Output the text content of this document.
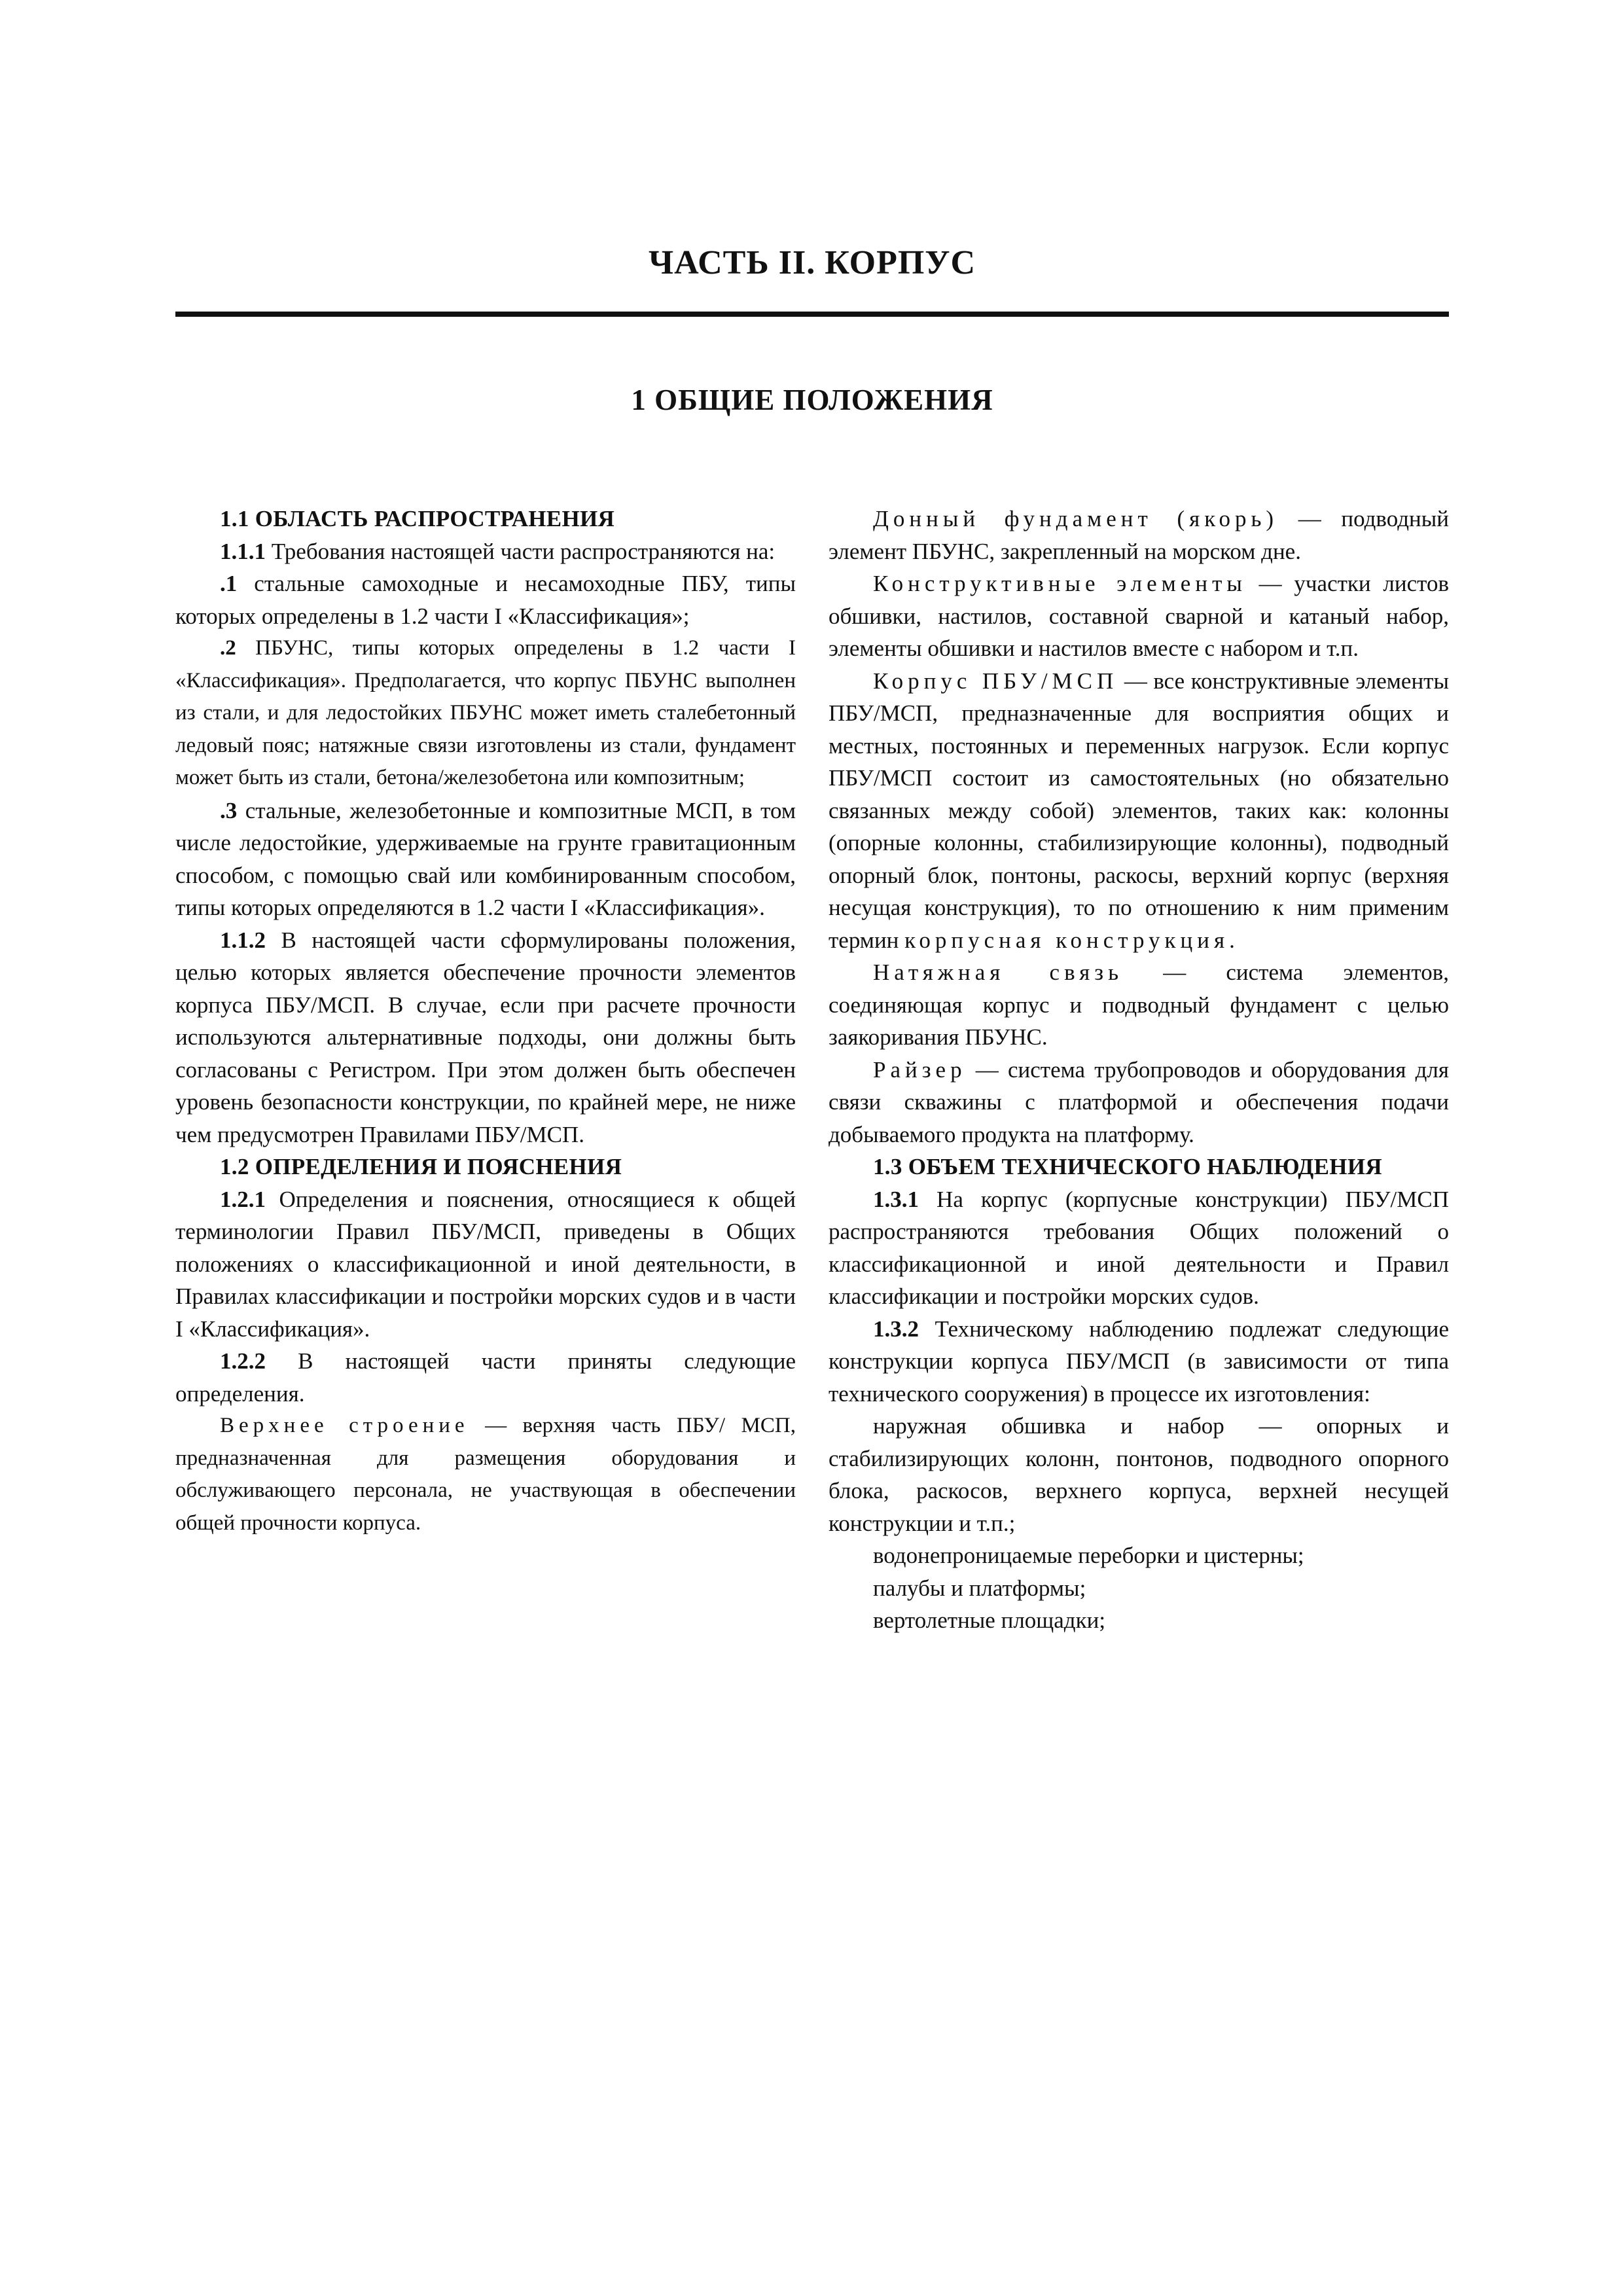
ЧАСТЬ II. КОРПУС
1 ОБЩИЕ ПОЛОЖЕНИЯ

1.1 ОБЛАСТЬ РАСПРОСТРАНЕНИЯ

1.1.1 Требования настоящей части распространяются на:

.1 стальные самоходные и несамоходные ПБУ, типы которых определены в 1.2 части I «Классификация»;

.2 ПБУНС, типы которых определены в 1.2 части I «Классификация». Предполагается, что корпус ПБУНС выполнен из стали, и для ледостойких ПБУНС может иметь сталебетонный ледовый пояс; натяжные связи изготовлены из стали, фундамент может быть из стали, бетона/железобетона или композитным;

.3 стальные, железобетонные и композитные МСП, в том числе ледостойкие, удерживаемые на грунте гравитационным способом, с помощью свай или комбинированным способом, типы которых определяются в 1.2 части I «Классификация».

1.1.2 В настоящей части сформулированы положения, целью которых является обеспечение прочности элементов корпуса ПБУ/МСП. В случае, если при расчете прочности используются альтернативные подходы, они должны быть согласованы с Регистром. При этом должен быть обеспечен уровень безопасности конструкции, по крайней мере, не ниже чем предусмотрен Правилами ПБУ/МСП.

1.2 ОПРЕДЕЛЕНИЯ И ПОЯСНЕНИЯ

1.2.1 Определения и пояснения, относящиеся к общей терминологии Правил ПБУ/МСП, приведены в Общих положениях о классификационной и иной деятельности, в Правилах классификации и постройки морских судов и в части I «Классификация».

1.2.2 В настоящей части приняты следующие определения.

Верхнее строение — верхняя часть ПБУ/ МСП, предназначенная для размещения оборудования и обслуживающего персонала, не участвующая в обеспечении общей прочности корпуса.

Донный фундамент (якорь) — подводный элемент ПБУНС, закрепленный на морском дне.

Конструктивные элементы — участки листов обшивки, настилов, составной сварной и катаный набор, элементы обшивки и настилов вместе с набором и т.п.

Корпус ПБУ/МСП — все конструктивные элементы ПБУ/МСП, предназначенные для восприятия общих и местных, постоянных и переменных нагрузок. Если корпус ПБУ/МСП состоит из самостоятельных (но обязательно связанных между собой) элементов, таких как: колонны (опорные колонны, стабилизирующие колонны), подводный опорный блок, понтоны, раскосы, верхний корпус (верхняя несущая конструкция), то по отношению к ним применим термин корпусная конструкция.

Натяжная связь — система элементов, соединяющая корпус и подводный фундамент с целью заякоривания ПБУНС.

Райзер — система трубопроводов и оборудования для связи скважины с платформой и обеспечения подачи добываемого продукта на платформу.

1.3 ОБЪЕМ ТЕХНИЧЕСКОГО НАБЛЮДЕНИЯ

1.3.1 На корпус (корпусные конструкции) ПБУ/МСП распространяются требования Общих положений о классификационной и иной деятельности и Правил классификации и постройки морских судов.

1.3.2 Техническому наблюдению подлежат следующие конструкции корпуса ПБУ/МСП (в зависимости от типа технического сооружения) в процессе их изготовления:

наружная обшивка и набор — опорных и стабилизирующих колонн, понтонов, подводного опорного блока, раскосов, верхнего корпуса, верхней несущей конструкции и т.п.;

водонепроницаемые переборки и цистерны;

палубы и платформы;

вертолетные площадки;
